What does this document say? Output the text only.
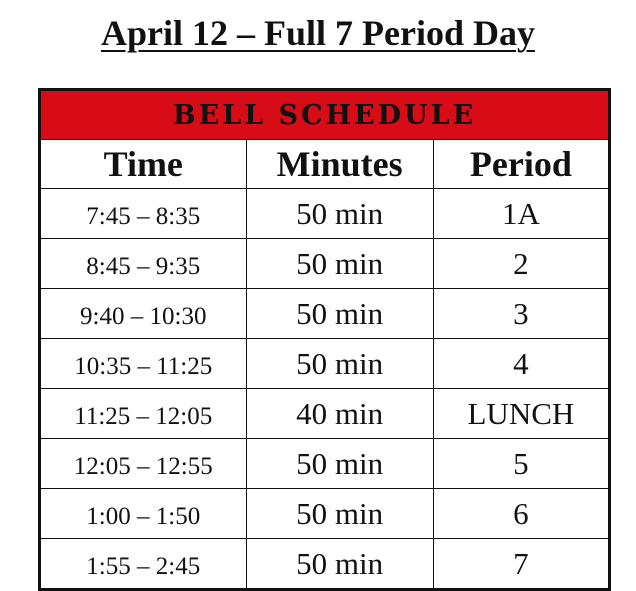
April 12 – Full 7 Period Day
BELL SCHEDULE		
Time	Minutes	Period
7:45 – 8:35	50 min	1A
8:45 – 9:35	50 min	2
9:40 – 10:30	50 min	3
10:35 – 11:25	50 min	4
11:25 – 12:05	40 min	LUNCH
12:05 – 12:55	50 min	5
1:00 – 1:50	50 min	6
1:55 – 2:45	50 min	7
